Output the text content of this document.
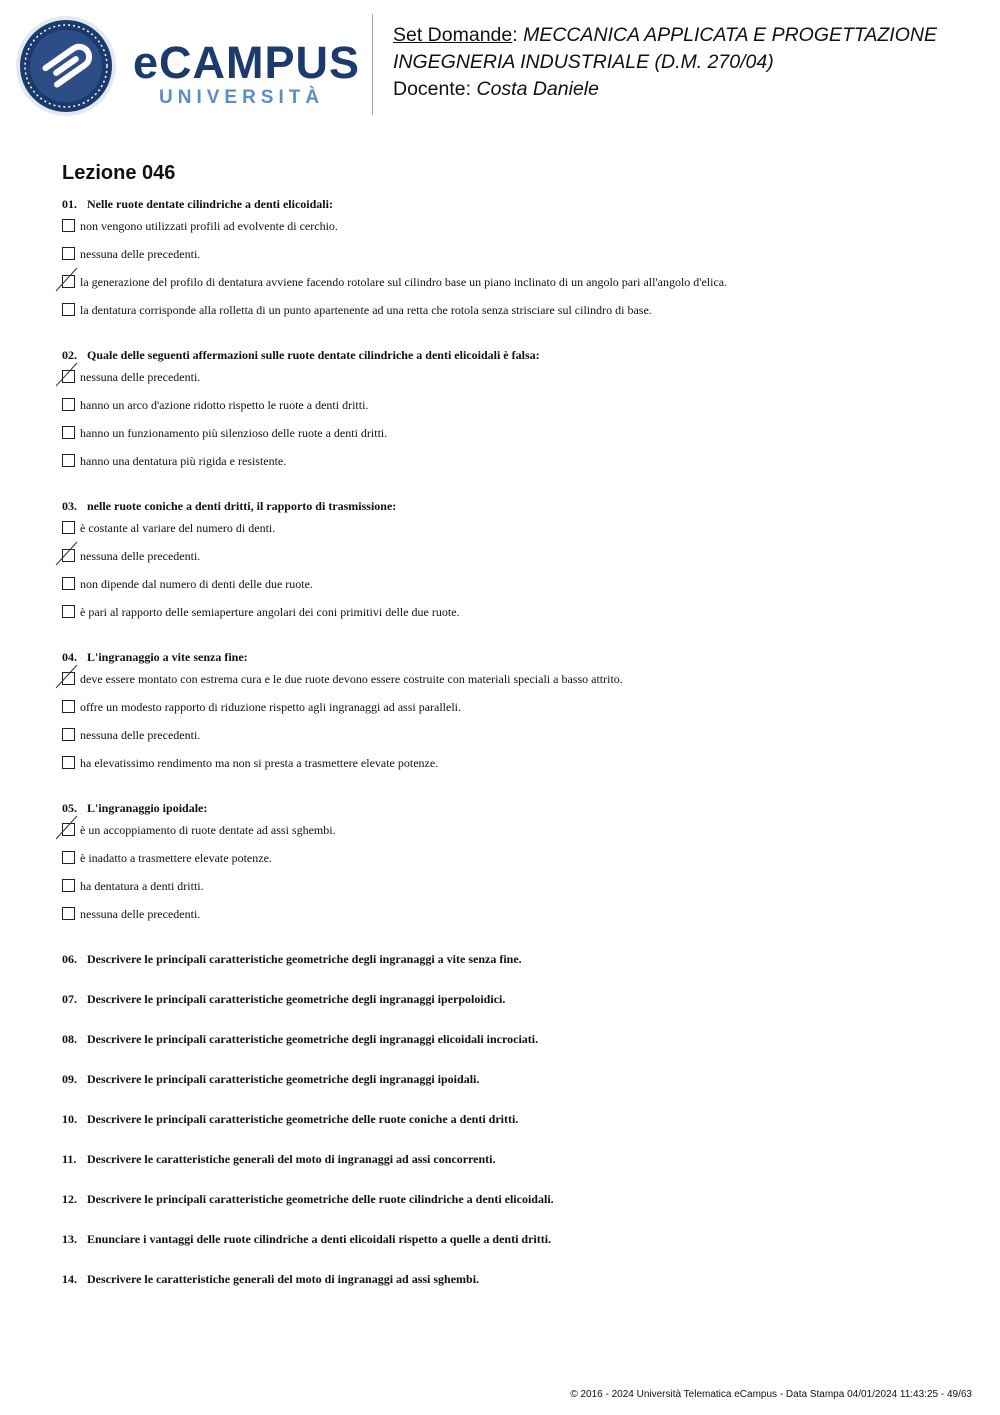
eCAMPUS
UNIVERSITÀ
Set Domande: MECCANICA APPLICATA E PROGETTAZIONE
INGEGNERIA INDUSTRIALE (D.M. 270/04)
Docente: Costa Daniele
Lezione 046
01. Nelle ruote dentate cilindriche a denti elicoidali:
non vengono utilizzati profili ad evolvente di cerchio.
nessuna delle precedenti.
la generazione del profilo di dentatura avviene facendo rotolare sul cilindro base un piano inclinato di un angolo pari all'angolo d'elica.
la dentatura corrisponde alla rolletta di un punto apartenente ad una retta che rotola senza strisciare sul cilindro di base.
02. Quale delle seguenti affermazioni sulle ruote dentate cilindriche a denti elicoidali è falsa:
nessuna delle precedenti.
hanno un arco d'azione ridotto rispetto le ruote a denti dritti.
hanno un funzionamento più silenzioso delle ruote a denti dritti.
hanno una dentatura più rigida e resistente.
03. nelle ruote coniche a denti dritti, il rapporto di trasmissione:
è costante al variare del numero di denti.
nessuna delle precedenti.
non dipende dal numero di denti delle due ruote.
è pari al rapporto delle semiaperture angolari dei coni primitivi delle due ruote.
04. L'ingranaggio a vite senza fine:
deve essere montato con estrema cura e le due ruote devono essere costruite con materiali speciali a basso attrito.
offre un modesto rapporto di riduzione rispetto agli ingranaggi ad assi paralleli.
nessuna delle precedenti.
ha elevatissimo rendimento ma non si presta a trasmettere elevate potenze.
05. L'ingranaggio ipoidale:
è un accoppiamento di ruote dentate ad assi sghembi.
è inadatto a trasmettere elevate potenze.
ha dentatura a denti dritti.
nessuna delle precedenti.
06. Descrivere le principali caratteristiche geometriche degli ingranaggi a vite senza fine.
07. Descrivere le principali caratteristiche geometriche degli ingranaggi iperpoloidici.
08. Descrivere le principali caratteristiche geometriche degli ingranaggi elicoidali incrociati.
09. Descrivere le principali caratteristiche geometriche degli ingranaggi ipoidali.
10. Descrivere le principali caratteristiche geometriche delle ruote coniche a denti dritti.
11. Descrivere le caratteristiche generali del moto di ingranaggi ad assi concorrenti.
12. Descrivere le principali caratteristiche geometriche delle ruote cilindriche a denti elicoidali.
13. Enunciare i vantaggi delle ruote cilindriche a denti elicoidali rispetto a quelle a denti dritti.
14. Descrivere le caratteristiche generali del moto di ingranaggi ad assi sghembi.
© 2016 - 2024 Università Telematica eCampus - Data Stampa 04/01/2024 11:43:25 - 49/63
